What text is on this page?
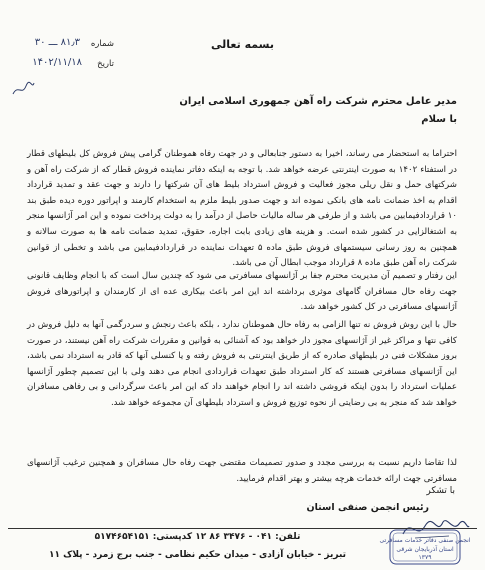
بسمه تعالی
شماره
۸۱٫۳ ـــ ۳۰
تاریخ
۱۴۰۲/۱۱/۱۸
مدیر عامل محترم شرکت راه آهن جمهوری اسلامی ایران
با سلام
احتراما به استحضار می رساند، اخیرا به دستور جنابعالی و در جهت رفاه هموطنان گرامی پیش فروش کل بلیطهای قطار در استفتاء ۱۴۰۲ به صورت اینترنتی عرضه خواهد شد. با توجه به اینکه دفاتر نماینده فروش قطار که از شرکت راه آهن و شرکتهای حمل و نقل ریلی مجوز فعالیت و فروش استرداد بلیط های آن شرکتها را دارند و جهت عقد و تمدید قرارداد اقدام به اخذ ضمانت نامه های بانکی نموده اند و جهت صدور بلیط ملزم به استخدام کارمند و اپراتور دوره دیده طبق بند ۱۰ قراردادفیمابین می باشد و از طرفی هر ساله مالیات حاصل از درآمد را به دولت پرداخت نموده و این امر آژانسها منجر به اشتغالزایی در کشور شده است. و هزینه های زیادی بابت اجاره، حقوق، تمدید ضمانت نامه ها به صورت سالانه و همچنین به روز رسانی سیستمهای فروش طبق ماده ۵ تعهدات نماینده در قراردادفیمابین می باشد و تخطی از قوانین شرکت راه آهن طبق ماده ۸ قرارداد موجب ابطال آن می باشد.
این رفتار و تصمیم آن مدیریت محترم جفا بر آژانسهای مسافرتی می شود که چندین سال است که با انجام وظایف قانونی جهت رفاه حال مسافران گامهای موثری برداشته اند این امر باعث بیکاری عده ای از کارمندان و اپراتورهای فروش آژانسهای مسافرتی در کل کشور خواهد شد.
حال با این روش فروش نه تنها الزامی به رفاه حال هموطنان ندارد ، بلکه باعث رنجش و سردرگمی آنها به دلیل فروش در کافی نتها و مراکز غیر از آژانسهای مجوز دار خواهد بود که آشنائی به قوانین و مقررات شرکت راه آهن نیستند، در صورت بروز مشکلات فنی در بلیطهای صادره که از طریق اینترنتی به فروش رفته و یا کنسلی آنها که قادر به استرداد نمی باشد، این آژانسهای مسافرتی هستند که کار استرداد طبق تعهدات قراردادی انجام می دهند ولی با این تصمیم چطور آژانسها عملیات استرداد را بدون اینکه فروشی داشته اند را انجام خواهند داد که این امر باعث سرگردانی و بی رفاهی مسافران خواهد شد که منجر به بی رضایتی از نحوه توزیع فروش و استرداد بلیطهای آن مجموعه خواهد شد.
لذا تقاضا داریم نسبت به بررسی مجدد و صدور تصمیمات مقتضی جهت رفاه حال مسافران و همچنین ترغیب آژانسهای مسافرتی جهت ارائه خدمات هرچه بیشتر و بهتر اقدام فرمایید.
با تشکر
رئیس انجمن صنفی استان
انجمن صنفی دفاتر خدمات مسافرتی
استان آذربایجان شرقی
۱۳۷۹
تلفن: ۰۴۱ - ۳۴۷۶ ۸۶ ۱۲ کدپستی: ۵۱۷۴۶۵۴۱۵۱
تبریز - خیابان آزادی - میدان حکیم نظامی - جنب برج زمرد - پلاک ۱۱
